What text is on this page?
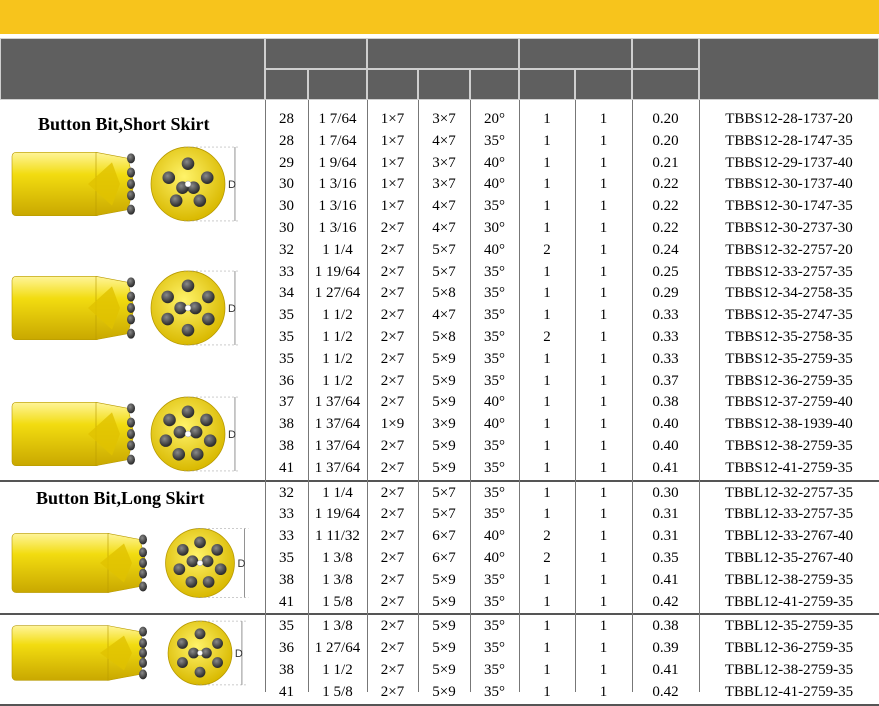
28	1 7/64	1×7	3×7	20°	1	1	0.20	TBBS12-28-1737-20
28	1 7/64	1×7	4×7	35°	1	1	0.20	TBBS12-28-1747-35
29	1 9/64	1×7	3×7	40°	1	1	0.21	TBBS12-29-1737-40
30	1 3/16	1×7	3×7	40°	1	1	0.22	TBBS12-30-1737-40
30	1 3/16	1×7	4×7	35°	1	1	0.22	TBBS12-30-1747-35
30	1 3/16	2×7	4×7	30°	1	1	0.22	TBBS12-30-2737-30
32	1 1/4	2×7	5×7	40°	2	1	0.24	TBBS12-32-2757-20
33	1 19/64	2×7	5×7	35°	1	1	0.25	TBBS12-33-2757-35
34	1 27/64	2×7	5×8	35°	1	1	0.29	TBBS12-34-2758-35
35	1 1/2	2×7	4×7	35°	1	1	0.33	TBBS12-35-2747-35
35	1 1/2	2×7	5×8	35°	2	1	0.33	TBBS12-35-2758-35
35	1 1/2	2×7	5×9	35°	1	1	0.33	TBBS12-35-2759-35
36	1 1/2	2×7	5×9	35°	1	1	0.37	TBBS12-36-2759-35
37	1 37/64	2×7	5×9	40°	1	1	0.38	TBBS12-37-2759-40
38	1 37/64	1×9	3×9	40°	1	1	0.40	TBBS12-38-1939-40
38	1 37/64	2×7	5×9	35°	1	1	0.40	TBBS12-38-2759-35
41	1 37/64	2×7	5×9	35°	1	1	0.41	TBBS12-41-2759-35
Button Bit,Short Skirt
32	1 1/4	2×7	5×7	35°	1	1	0.30	TBBL12-32-2757-35
33	1 19/64	2×7	5×7	35°	1	1	0.31	TBBL12-33-2757-35
33	1 11/32	2×7	6×7	40°	2	1	0.31	TBBL12-33-2767-40
35	1 3/8	2×7	6×7	40°	2	1	0.35	TBBL12-35-2767-40
38	1 3/8	2×7	5×9	35°	1	1	0.41	TBBL12-38-2759-35
41	1 5/8	2×7	5×9	35°	1	1	0.42	TBBL12-41-2759-35
Button Bit,Long Skirt
35	1 3/8	2×7	5×9	35°	1	1	0.38	TBBL12-35-2759-35
36	1 27/64	2×7	5×9	35°	1	1	0.39	TBBL12-36-2759-35
38	1 1/2	2×7	5×9	35°	1	1	0.41	TBBL12-38-2759-35
41	1 5/8	2×7	5×9	35°	1	1	0.42	TBBL12-41-2759-35
D
D
D
D
D
